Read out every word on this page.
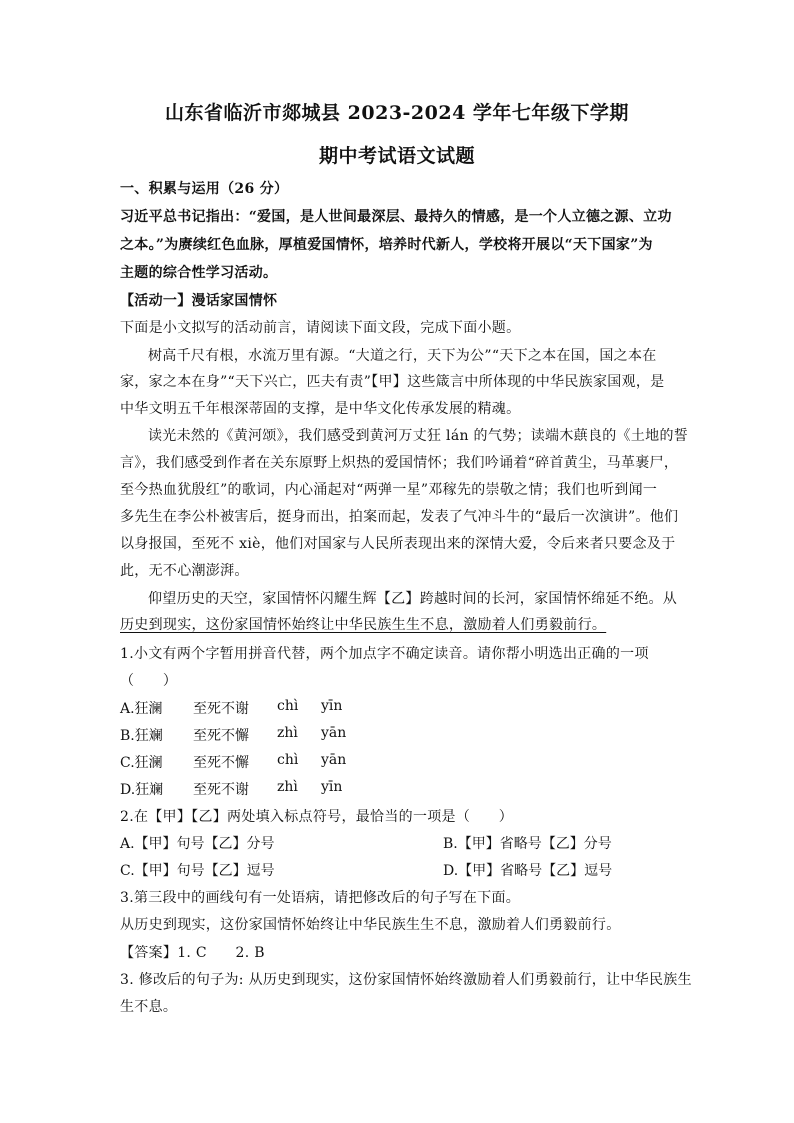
山东省临沂市郯城县 2023-2024 学年七年级下学期
期中考试语文试题
一、积累与运用（26 分）
习近平总书记指出：“爱国，是人世间最深层、最持久的情感，是一个人立德之源、立功
之本。”为赓续红色血脉，厚植爱国情怀，培养时代新人，学校将开展以“天下国家”为
主题的综合性学习活动。
【活动一】漫话家国情怀
下面是小文拟写的活动前言，请阅读下面文段，完成下面小题。
树高千尺有根，水流万里有源。“大道之行，天下为公”“天下之本在国，国之本在
家，家之本在身”“天下兴亡，匹夫有责”【甲】这些箴言中所体现的中华民族家国观，是
中华文明五千年根深蒂固的支撑，是中华文化传承发展的精魂。
读光未然的《黄河颂》，我们感受到黄河万丈狂 lán 的气势；读端木蕻良的《土地的誓
言》，我们感受到作者在关东原野上炽热的爱国情怀；我们吟诵着“碎首黄尘，马革裹尸，
至今热血犹殷红”的歌词，内心涌起对“两弹一星”邓稼先的崇敬之情；我们也听到闻一
多先生在李公朴被害后，挺身而出，拍案而起，发表了气冲斗牛的“最后一次演讲”。他们
以身报国，至死不 xiè，他们对国家与人民所表现出来的深情大爱，令后来者只要念及于
此，无不心潮澎湃。
仰望历史的天空，家国情怀闪耀生辉【乙】跨越时间的长河，家国情怀绵延不绝。从
历史到现实，这份家国情怀始终让中华民族生生不息，激励着人们勇毅前行。
1.小文有两个字暂用拼音代替，两个加点字不确定读音。请你帮小明选出正确的一项
（　　）
A.狂澜 至死不谢 chì yīn
B.狂斓 至死不懈 zhì yān
C.狂澜 至死不懈 chì yān
D.狂斓 至死不谢 zhì yīn
2.在【甲】【乙】两处填入标点符号，最恰当的一项是（　　）
A.【甲】句号【乙】分号	B.【甲】省略号【乙】分号
C.【甲】句号【乙】逗号	D.【甲】省略号【乙】逗号
3.第三段中的画线句有一处语病，请把修改后的句子写在下面。
从历史到现实，这份家国情怀始终让中华民族生生不息，激励着人们勇毅前行。
【答案】1. C　　2. B
3. 修改后的句子为: 从历史到现实，这份家国情怀始终激励着人们勇毅前行，让中华民族生
生不息。
